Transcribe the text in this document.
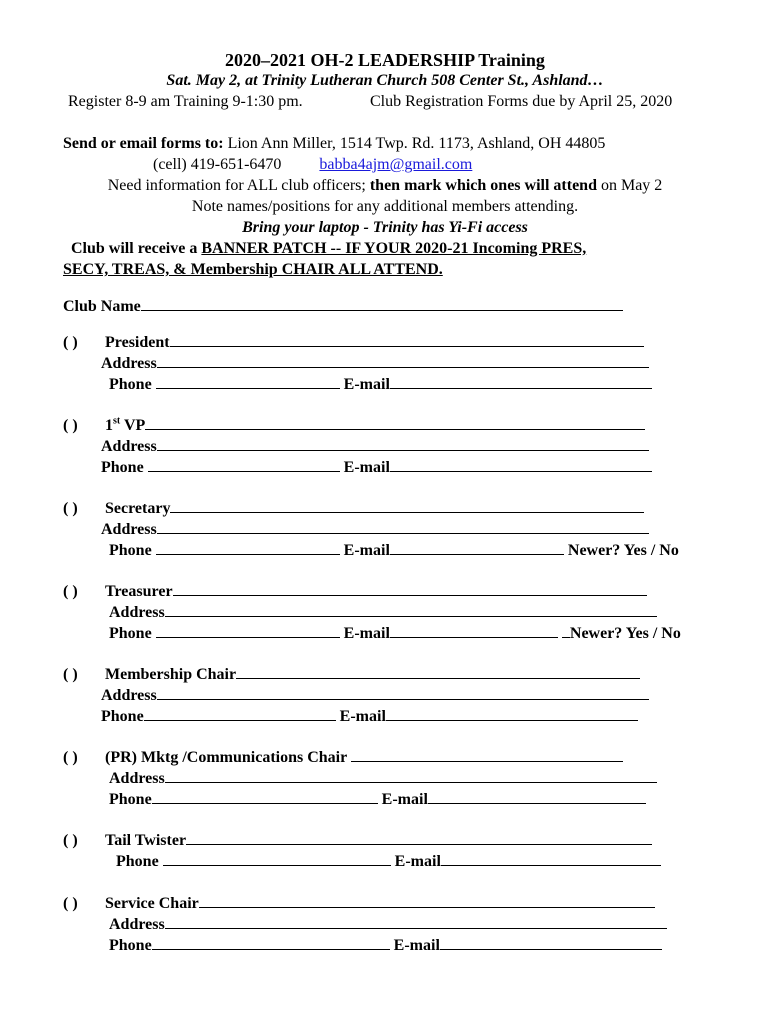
2020–2021 OH-2 LEADERSHIP Training
Sat. May 2, at Trinity Lutheran Church 508 Center St., Ashland…
Register 8-9 am Training 9-1:30 pm.	Club Registration Forms due by April 25, 2020
Send or email forms to: Lion Ann Miller, 1514 Twp. Rd. 1173, Ashland, OH 44805
(cell) 419-651-6470 babba4ajm@gmail.com
Need information for ALL club officers; then mark which ones will attend on May 2
Note names/positions for any additional members attending.
Bring your laptop - Trinity has Yi-Fi access
Club will receive a BANNER PATCH -- IF YOUR 2020-21 Incoming PRES,
SECY, TREAS, & Membership CHAIR ALL ATTEND.
Club Name
( ) President
Address
Phone	E-mail
( ) 1st VP
Address
Phone	E-mail
( ) Secretary
Address
Phone	E-mail	Newer? Yes / No
( ) Treasurer
Address
Phone	E-mail	Newer? Yes / No
( ) Membership Chair
Address
Phone	E-mail
( ) (PR) Mktg /Communications Chair
Address
Phone	E-mail
( ) Tail Twister
Phone	E-mail
( ) Service Chair
Address
Phone	E-mail
